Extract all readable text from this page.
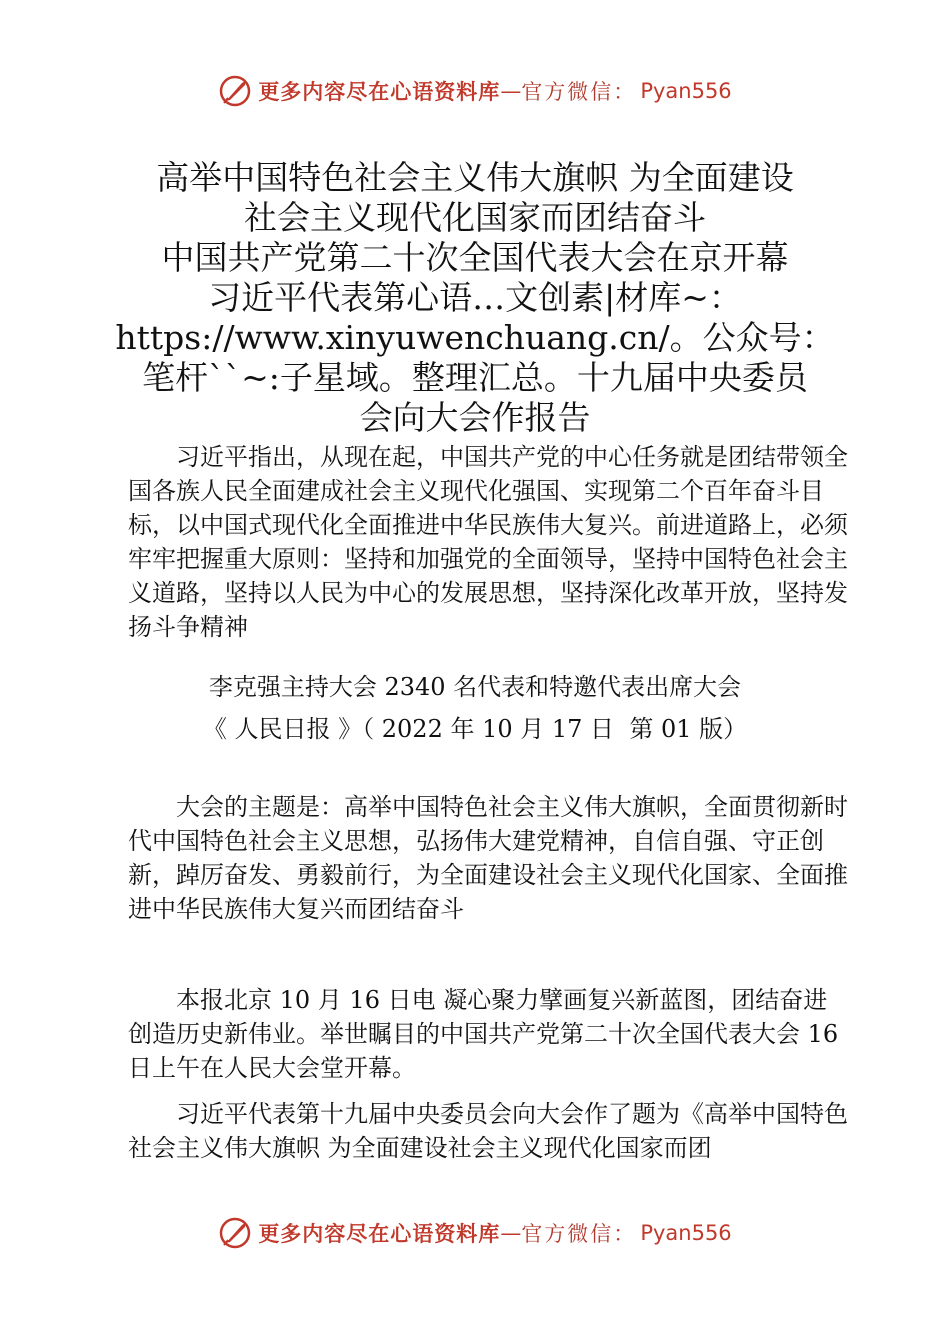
更多内容尽在心语资料库 — 官方微信： Pyan556
高举中国特色社会主义伟大旗帜 为全面建设
社会主义现代化国家而团结奋斗
中国共产党第二十次全国代表大会在京开幕
习近平代表第心语…文创素|材库~：
https://www.xinyuwenchuang.cn/。公众号：
笔杆``~:子星域。整理汇总。十九届中央委员
会向大会作报告
习近平指出，从现在起，中国共产党的中心任务就是团结带领全国各族人民全面建成社会主义现代化强国、实现第二个百年奋斗目标，以中国式现代化全面推进中华民族伟大复兴。前进道路上，必须牢牢把握重大原则：坚持和加强党的全面领导，坚持中国特色社会主义道路，坚持以人民为中心的发展思想，坚持深化改革开放，坚持发扬斗争精神
李克强主持大会 2340 名代表和特邀代表出席大会
《 人民日报 》（ 2022 年 10 月 17 日  第 01 版）
大会的主题是：高举中国特色社会主义伟大旗帜，全面贯彻新时代中国特色社会主义思想，弘扬伟大建党精神，自信自强、守正创新，踔厉奋发、勇毅前行，为全面建设社会主义现代化国家、全面推进中华民族伟大复兴而团结奋斗
本报北京 10 月 16 日电 凝心聚力擘画复兴新蓝图，团结奋进创造历史新伟业。举世瞩目的中国共产党第二十次全国代表大会 16 日上午在人民大会堂开幕。
习近平代表第十九届中央委员会向大会作了题为《高举中国特色社会主义伟大旗帜 为全面建设社会主义现代化国家而团
更多内容尽在心语资料库 — 官方微信： Pyan556
